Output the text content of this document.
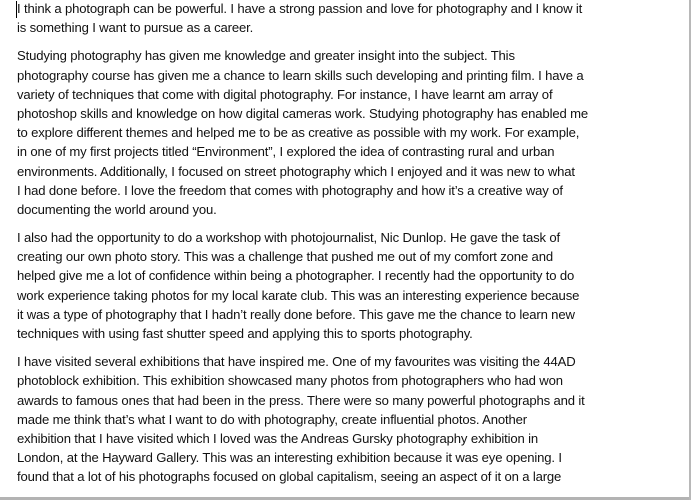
I think a photograph can be powerful. I have a strong passion and love for photography and I know it
is something I want to pursue as a career.

Studying photography has given me knowledge and greater insight into the subject. This
photography course has given me a chance to learn skills such developing and printing film. I have a
variety of techniques that come with digital photography. For instance, I have learnt am array of
photoshop skills and knowledge on how digital cameras work. Studying photography has enabled me
to explore different themes and helped me to be as creative as possible with my work. For example,
in one of my first projects titled “Environment”, I explored the idea of contrasting rural and urban
environments. Additionally, I focused on street photography which I enjoyed and it was new to what
I had done before. I love the freedom that comes with photography and how it’s a creative way of
documenting the world around you.

I also had the opportunity to do a workshop with photojournalist, Nic Dunlop. He gave the task of
creating our own photo story. This was a challenge that pushed me out of my comfort zone and
helped give me a lot of confidence within being a photographer. I recently had the opportunity to do
work experience taking photos for my local karate club. This was an interesting experience because
it was a type of photography that I hadn’t really done before. This gave me the chance to learn new
techniques with using fast shutter speed and applying this to sports photography.

I have visited several exhibitions that have inspired me. One of my favourites was visiting the 44AD
photoblock exhibition. This exhibition showcased many photos from photographers who had won
awards to famous ones that had been in the press. There were so many powerful photographs and it
made me think that’s what I want to do with photography, create influential photos. Another
exhibition that I have visited which I loved was the Andreas Gursky photography exhibition in
London, at the Hayward Gallery. This was an interesting exhibition because it was eye opening. I
found that a lot of his photographs focused on global capitalism, seeing an aspect of it on a large
